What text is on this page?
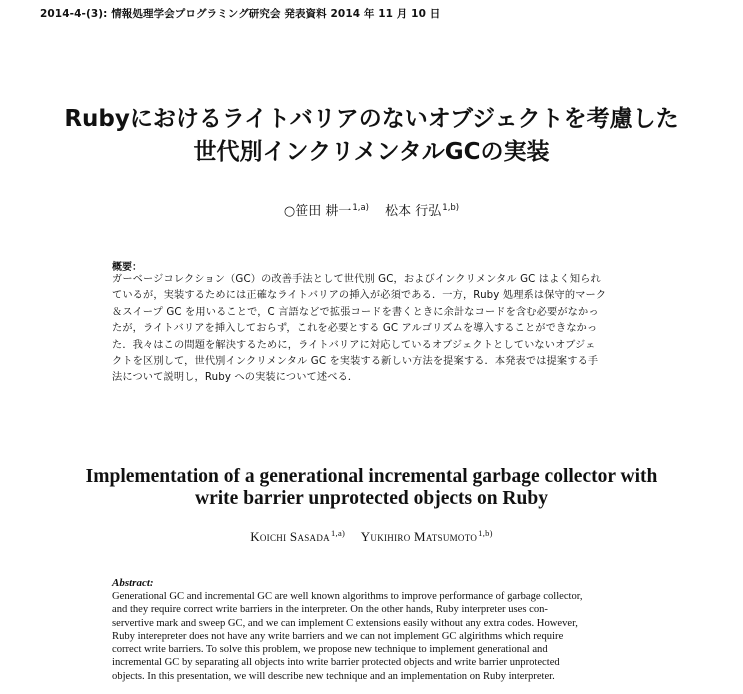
2014-4-(3): 情報処理学会プログラミング研究会 発表資料 2014 年 11 月 10 日
Rubyにおけるライトバリアのないオブジェクトを考慮した
世代別インクリメンタルGCの実装
○笹田 耕一$^{1,a)}$ 松本 行弘$^{1,b)}$
概要：
ガーベージコレクション（GC）の改善手法として世代別 GC，およびインクリメンタル GC はよく知られ
ているが，実装するためには正確なライトバリアの挿入が必須である．一方，Ruby 処理系は保守的マーク
＆スイープ GC を用いることで，C 言語などで拡張コードを書くときに余計なコードを含む必要がなかっ
たが，ライトバリアを挿入しておらず，これを必要とする GC アルゴリズムを導入することができなかっ
た．我々はこの問題を解決するために，ライトバリアに対応しているオブジェクトとしていないオブジェ
クトを区別して，世代別インクリメンタル GC を実装する新しい方法を提案する．本発表では提案する手
法について説明し，Ruby への実装について述べる．
Implementation of a generational incremental garbage collector with
write barrier unprotected objects on Ruby
Koichi Sasada$^{1,a)}$ Yukihiro Matsumoto$^{1,b)}$
Abstract:
Generational GC and incremental GC are well known algorithms to improve performance of garbage collector,
and they require correct write barriers in the interpreter. On the other hands, Ruby interpreter uses con-
servertive mark and sweep GC, and we can implement C extensions easily without any extra codes. However,
Ruby interepreter does not have any write barriers and we can not implement GC algirithms which require
correct write barriers. To solve this problem, we propose new technique to implement generational and
incremental GC by separating all objects into write barrier protected objects and write barrier unprotected
objects. In this presentation, we will describe new technique and an implementation on Ruby interpreter.
